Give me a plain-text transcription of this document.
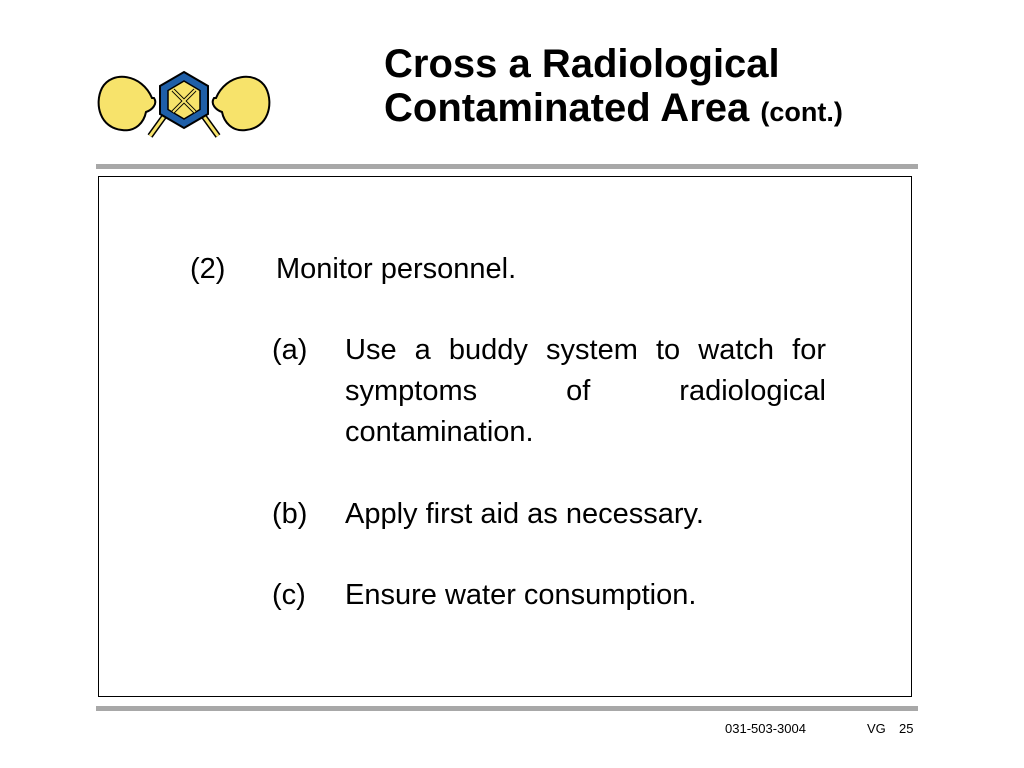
Cross a Radiological Contaminated Area (cont.)
(2) Monitor personnel.
(a) Use a buddy system to watch for symptoms of radiological contamination.
(b) Apply first aid as necessary.
(c) Ensure water consumption.
031-503-3004	VG 25
